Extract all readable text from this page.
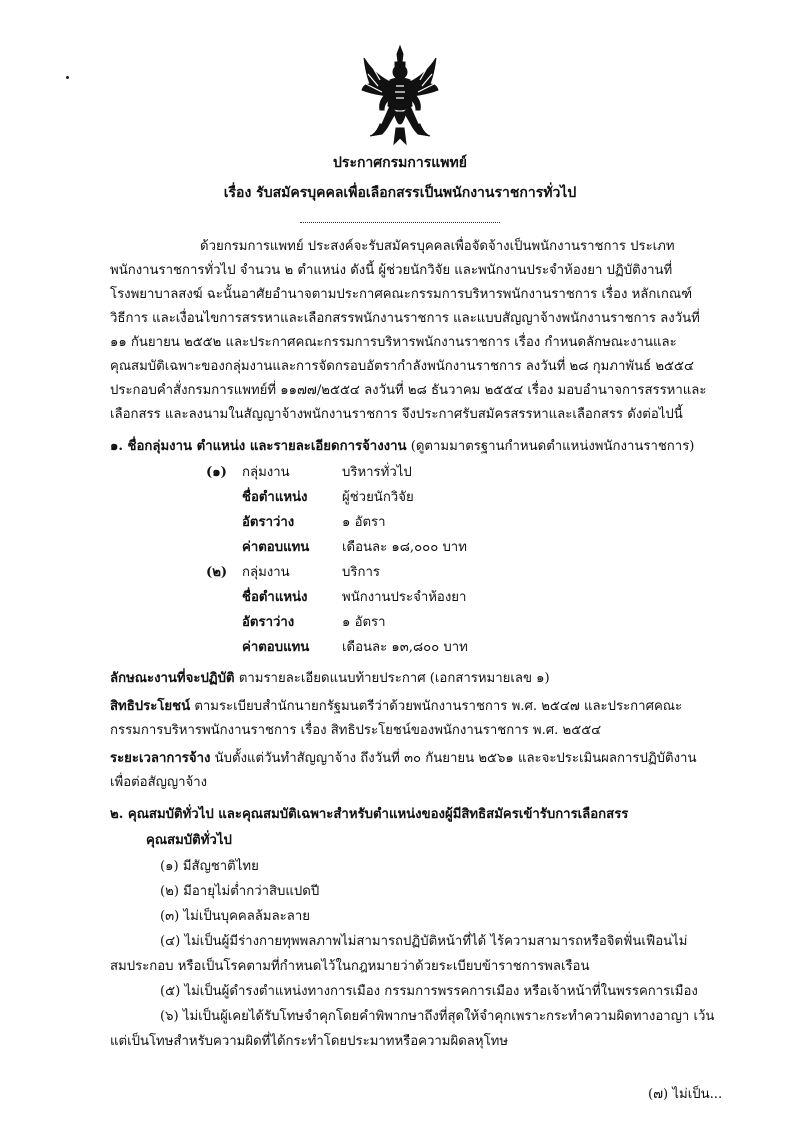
ประกาศกรมการแพทย์
เรื่อง รับสมัครบุคคลเพื่อเลือกสรรเป็นพนักงานราชการทั่วไป
ด้วยกรมการแพทย์ ประสงค์จะรับสมัครบุคคลเพื่อจัดจ้างเป็นพนักงานราชการ ประเภท
พนักงานราชการทั่วไป จำนวน ๒ ตำแหน่ง ดังนี้ ผู้ช่วยนักวิจัย และพนักงานประจำห้องยา ปฏิบัติงานที่
โรงพยาบาลสงฆ์ ฉะนั้นอาศัยอำนาจตามประกาศคณะกรรมการบริหารพนักงานราชการ เรื่อง หลักเกณฑ์
วิธีการ และเงื่อนไขการสรรหาและเลือกสรรพนักงานราชการ และแบบสัญญาจ้างพนักงานราชการ ลงวันที่
๑๑ กันยายน ๒๕๕๒ และประกาศคณะกรรมการบริหารพนักงานราชการ เรื่อง กำหนดลักษณะงานและ
คุณสมบัติเฉพาะของกลุ่มงานและการจัดกรอบอัตรากำลังพนักงานราชการ ลงวันที่ ๒๘ กุมภาพันธ์ ๒๕๕๔
ประกอบคำสั่งกรมการแพทย์ที่ ๑๑๗๗/๒๕๕๔ ลงวันที่ ๒๘ ธันวาคม ๒๕๕๔ เรื่อง มอบอำนาจการสรรหาและ
เลือกสรร และลงนามในสัญญาจ้างพนักงานราชการ จึงประกาศรับสมัครสรรหาและเลือกสรร ดังต่อไปนี้
๑. ชื่อกลุ่มงาน ตำแหน่ง และรายละเอียดการจ้างงาน (ดูตามมาตรฐานกำหนดตำแหน่งพนักงานราชการ)
(๑) กลุ่มงาน	บริหารทั่วไป
ชื่อตำแหน่ง	ผู้ช่วยนักวิจัย
อัตราว่าง	๑ อัตรา
ค่าตอบแทน เดือนละ ๑๘,๐๐๐ บาท
(๒) กลุ่มงาน	บริการ
ชื่อตำแหน่ง	พนักงานประจำห้องยา
อัตราว่าง	๑ อัตรา
ค่าตอบแทน เดือนละ ๑๓,๘๐๐ บาท
ลักษณะงานที่จะปฏิบัติ ตามรายละเอียดแนบท้ายประกาศ (เอกสารหมายเลข ๑)
สิทธิประโยชน์ ตามระเบียบสำนักนายกรัฐมนตรีว่าด้วยพนักงานราชการ พ.ศ. ๒๕๔๗ และประกาศคณะ
กรรมการบริหารพนักงานราชการ เรื่อง สิทธิประโยชน์ของพนักงานราชการ พ.ศ. ๒๕๕๔
ระยะเวลาการจ้าง นับตั้งแต่วันทำสัญญาจ้าง ถึงวันที่ ๓๐ กันยายน ๒๕๖๑ และจะประเมินผลการปฏิบัติงาน
เพื่อต่อสัญญาจ้าง
๒. คุณสมบัติทั่วไป และคุณสมบัติเฉพาะสำหรับตำแหน่งของผู้มีสิทธิสมัครเข้ารับการเลือกสรร
คุณสมบัติทั่วไป
(๑) มีสัญชาติไทย
(๒) มีอายุไม่ต่ำกว่าสิบแปดปี
(๓) ไม่เป็นบุคคลล้มละลาย
(๔) ไม่เป็นผู้มีร่างกายทุพพลภาพไม่สามารถปฏิบัติหน้าที่ได้ ไร้ความสามารถหรือจิตฟั่นเฟือนไม่
สมประกอบ หรือเป็นโรคตามที่กำหนดไว้ในกฎหมายว่าด้วยระเบียบข้าราชการพลเรือน
(๕) ไม่เป็นผู้ดำรงตำแหน่งทางการเมือง กรรมการพรรคการเมือง หรือเจ้าหน้าที่ในพรรคการเมือง
(๖) ไม่เป็นผู้เคยได้รับโทษจำคุกโดยคำพิพากษาถึงที่สุดให้จำคุกเพราะกระทำความผิดทางอาญา เว้น
แต่เป็นโทษสำหรับความผิดที่ได้กระทำโดยประมาทหรือความผิดลหุโทษ
(๗) ไม่เป็น...
